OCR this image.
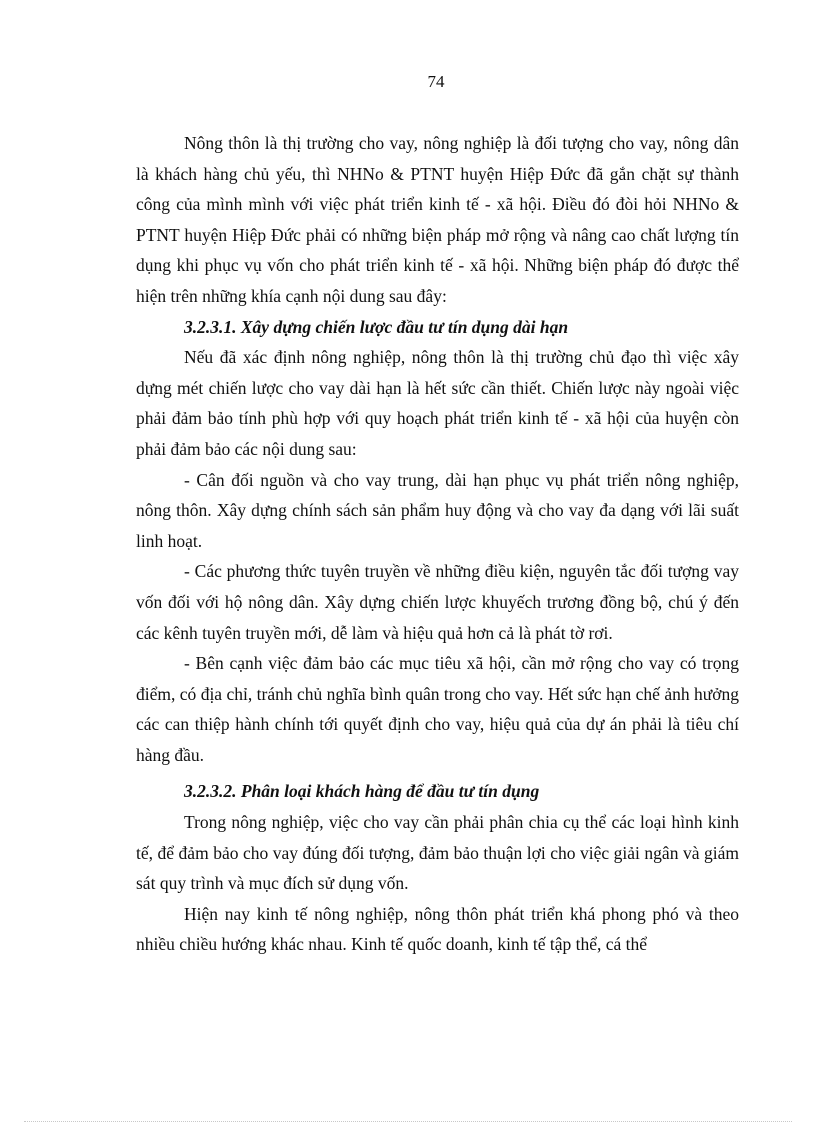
74

Nông thôn là thị trường cho vay, nông nghiệp là đối tượng cho vay, nông dân là khách hàng chủ yếu, thì NHNo & PTNT huyện Hiệp Đức đã gắn chặt sự thành công của mình mình với việc phát triển kinh tế - xã hội. Điều đó đòi hỏi NHNo & PTNT huyện Hiệp Đức phải có những biện pháp mở rộng và nâng cao chất lượng tín dụng khi phục vụ vốn cho phát triển kinh tế - xã hội. Những biện pháp đó được thể hiện trên những khía cạnh nội dung sau đây:

3.2.3.1. Xây dựng chiến lược đầu tư tín dụng dài hạn

Nếu đã xác định nông nghiệp, nông thôn là thị trường chủ đạo thì việc xây dựng mét chiến lược cho vay dài hạn là hết sức cần thiết. Chiến lược này ngoài việc phải đảm bảo tính phù hợp với quy hoạch phát triển kinh tế - xã hội của huyện còn phải đảm bảo các nội dung sau:

- Cân đối nguồn và cho vay trung, dài hạn phục vụ phát triển nông nghiệp, nông thôn. Xây dựng chính sách sản phẩm huy động và cho vay đa dạng với lãi suất linh hoạt.

- Các phương thức tuyên truyền về những điều kiện, nguyên tắc đối tượng vay vốn đối với hộ nông dân. Xây dựng chiến lược khuyếch trương đồng bộ, chú ý đến các kênh tuyên truyền mới, dễ làm và hiệu quả hơn cả là phát tờ rơi.

- Bên cạnh việc đảm bảo các mục tiêu xã hội, cần mở rộng cho vay có trọng điểm, có địa chỉ, tránh chủ nghĩa bình quân trong cho vay. Hết sức hạn chế ảnh hưởng các can thiệp hành chính tới quyết định cho vay, hiệu quả của dự án phải là tiêu chí hàng đầu.

3.2.3.2. Phân loại khách hàng để đầu tư tín dụng

Trong nông nghiệp, việc cho vay cần phải phân chia cụ thể các loại hình kinh tế, để đảm bảo cho vay đúng đối tượng, đảm bảo thuận lợi cho việc giải ngân và giám sát quy trình và mục đích sử dụng vốn.

Hiện nay kinh tế nông nghiệp, nông thôn phát triển khá phong phó và theo nhiều chiều hướng khác nhau. Kinh tế quốc doanh, kinh tế tập thể, cá thể
